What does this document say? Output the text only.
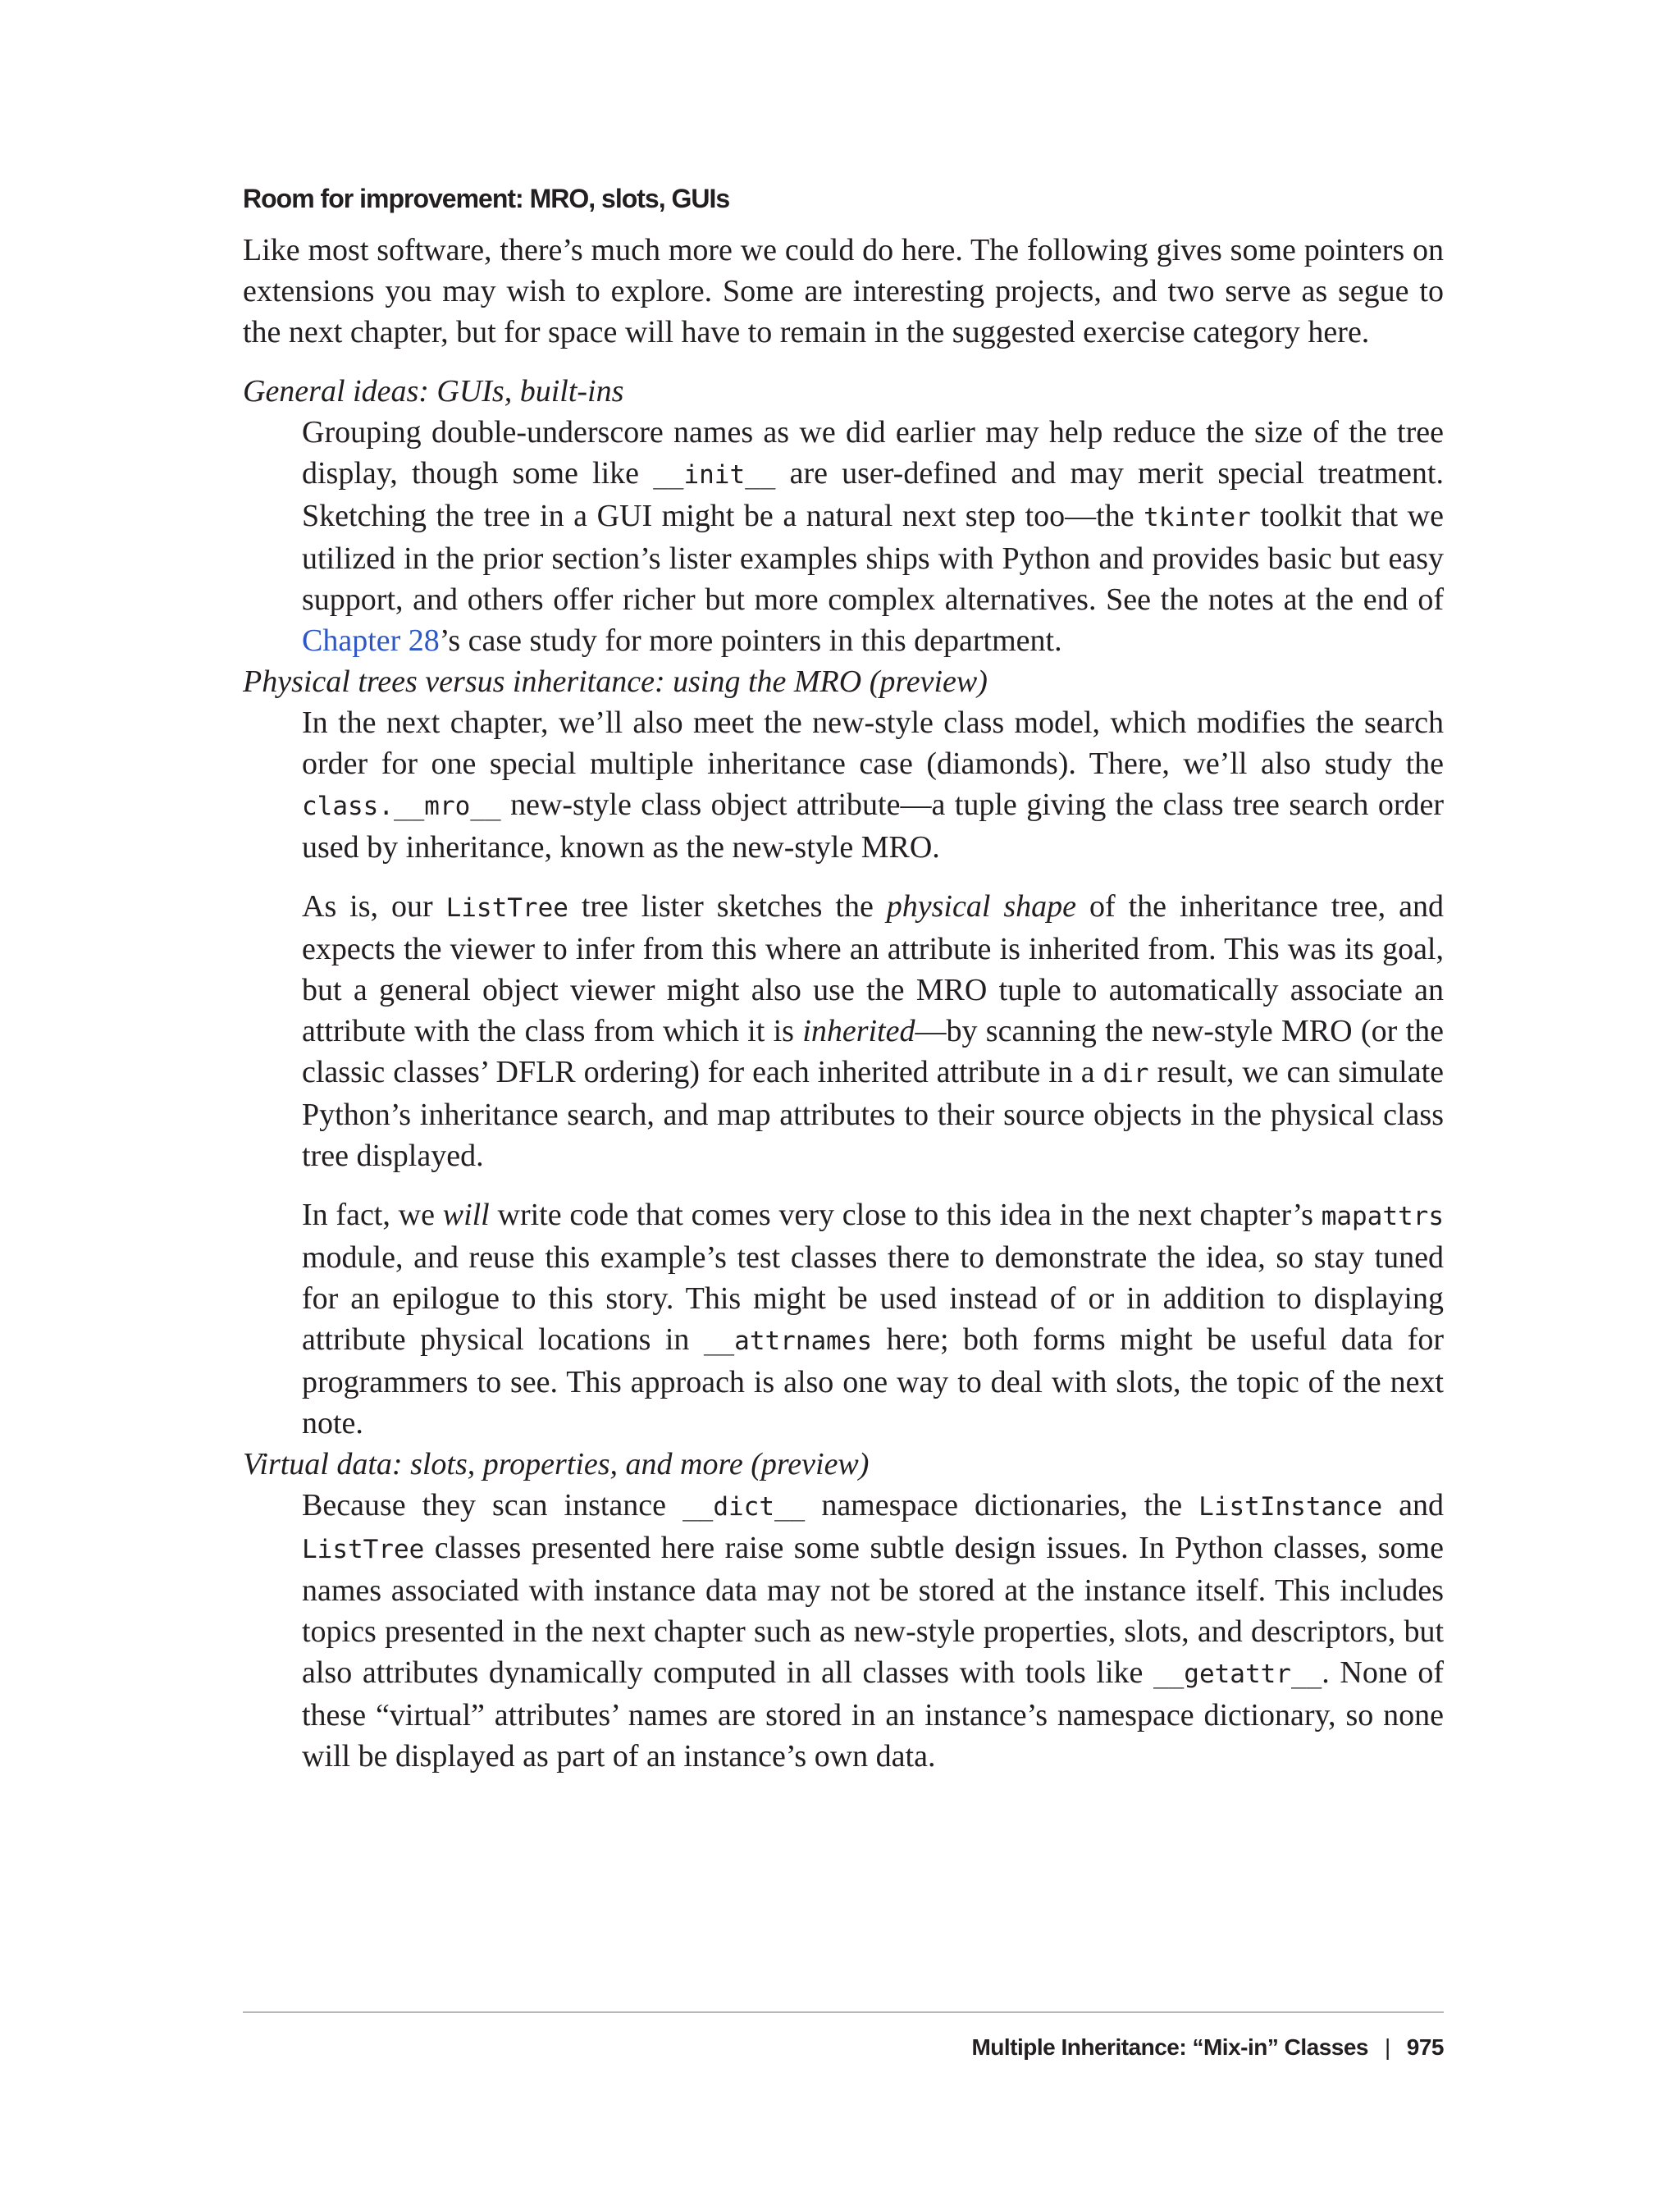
Room for improvement: MRO, slots, GUIs

Like most software, there’s much more we could do here. The following gives some pointers on extensions you may wish to explore. Some are interesting projects, and two serve as segue to the next chapter, but for space will have to remain in the suggested exercise category here.

General ideas: GUIs, built-ins

Grouping double-underscore names as we did earlier may help reduce the size of the tree display, though some like __init__ are user-defined and may merit special treatment. Sketching the tree in a GUI might be a natural next step too—the tkinter toolkit that we utilized in the prior section’s lister examples ships with Python and provides basic but easy support, and others offer richer but more complex alternatives. See the notes at the end of Chapter 28’s case study for more pointers in this department.

Physical trees versus inheritance: using the MRO (preview)

In the next chapter, we’ll also meet the new-style class model, which modifies the search order for one special multiple inheritance case (diamonds). There, we’ll also study the class.__mro__ new-style class object attribute—a tuple giving the class tree search order used by inheritance, known as the new-style MRO.

As is, our ListTree tree lister sketches the physical shape of the inheritance tree, and expects the viewer to infer from this where an attribute is inherited from. This was its goal, but a general object viewer might also use the MRO tuple to automatically associate an attribute with the class from which it is inherited—by scanning the new-style MRO (or the classic classes’ DFLR ordering) for each inherited attribute in a dir result, we can simulate Python’s inheritance search, and map attributes to their source objects in the physical class tree displayed.

In fact, we will write code that comes very close to this idea in the next chapter’s mapattrs module, and reuse this example’s test classes there to demonstrate the idea, so stay tuned for an epilogue to this story. This might be used instead of or in addition to displaying attribute physical locations in __attrnames here; both forms might be useful data for programmers to see. This approach is also one way to deal with slots, the topic of the next note.

Virtual data: slots, properties, and more (preview)

Because they scan instance __dict__ namespace dictionaries, the ListInstance and ListTree classes presented here raise some subtle design issues. In Python classes, some names associated with instance data may not be stored at the instance itself. This includes topics presented in the next chapter such as new-style properties, slots, and descriptors, but also attributes dynamically computed in all classes with tools like __getattr__. None of these “virtual” attributes’ names are stored in an instance’s namespace dictionary, so none will be displayed as part of an instance’s own data.

Multiple Inheritance: “Mix-in” Classes | 975
